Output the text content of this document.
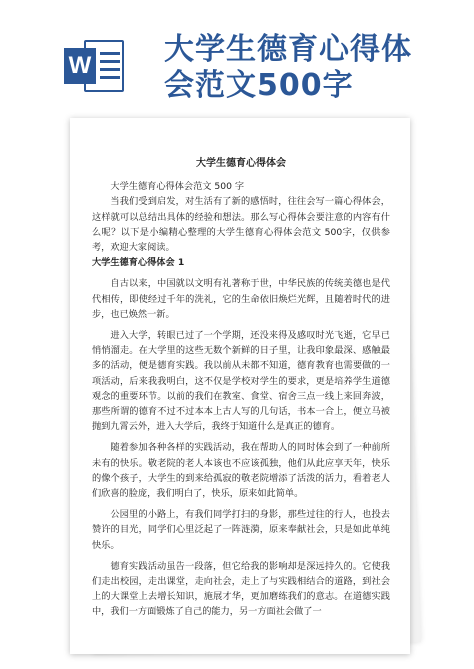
W 大学生德育心得体
会范文500字
大学生德育心得体会

大学生德育心得体会范文 500 字

当我们受到启发，对生活有了新的感悟时，往往会写一篇心得体会，这样就可以总结出具体的经验和想法。那么写心得体会要注意的内容有什么呢？以下是小编精心整理的大学生德育心得体会范文 500字，仅供参考，欢迎大家阅读。

大学生德育心得体会 1

自古以来，中国就以文明有礼著称于世，中华民族的传统美德也是代代相传，即使经过千年的洗礼，它的生命依旧焕烂光辉，且随着时代的进步，也已焕然一新。

进入大学，转眼已过了一个学期，还没来得及感叹时光飞逝，它早已悄悄溜走。在大学里的这些无数个新鲜的日子里，让我印象最深、感触最多的活动，便是德育实践。我以前从未都不知道，德育教育也需要做的一项活动，后来我我明白，这不仅是学校对学生的要求，更是培养学生道德观念的重要环节。以前的我们在教室、食堂、宿舍三点一线上来回奔波，那些所谓的德育不过不过本本上古人写的几句话，书本一合上，便立马被抛到九霄云外，进入大学后，我终于知道什么是真正的德育。

随着参加各种各样的实践活动，我在帮助人的同时体会到了一种前所未有的快乐。敬老院的老人本该也不应该孤独，他们从此应享天年，快乐的像个孩子，大学生的到来给孤寂的敬老院增添了活泼的活力，看着老人们欣喜的脸庞，我们明白了，快乐，原来如此简单。

公园里的小路上，有我们同学打扫的身影，那些过往的行人，也投去赞许的目光，同学们心里泛起了一阵涟漪，原来奉献社会，只是如此单纯快乐。

德育实践活动虽告一段落，但它给我的影响却是深远持久的。它使我们走出校园，走出课堂，走向社会，走上了与实践相结合的道路，到社会上的大课堂上去增长知识，施展才华，更加磨练我们的意志。在道德实践中，我们一方面锻炼了自己的能力，另一方面社会做了一
